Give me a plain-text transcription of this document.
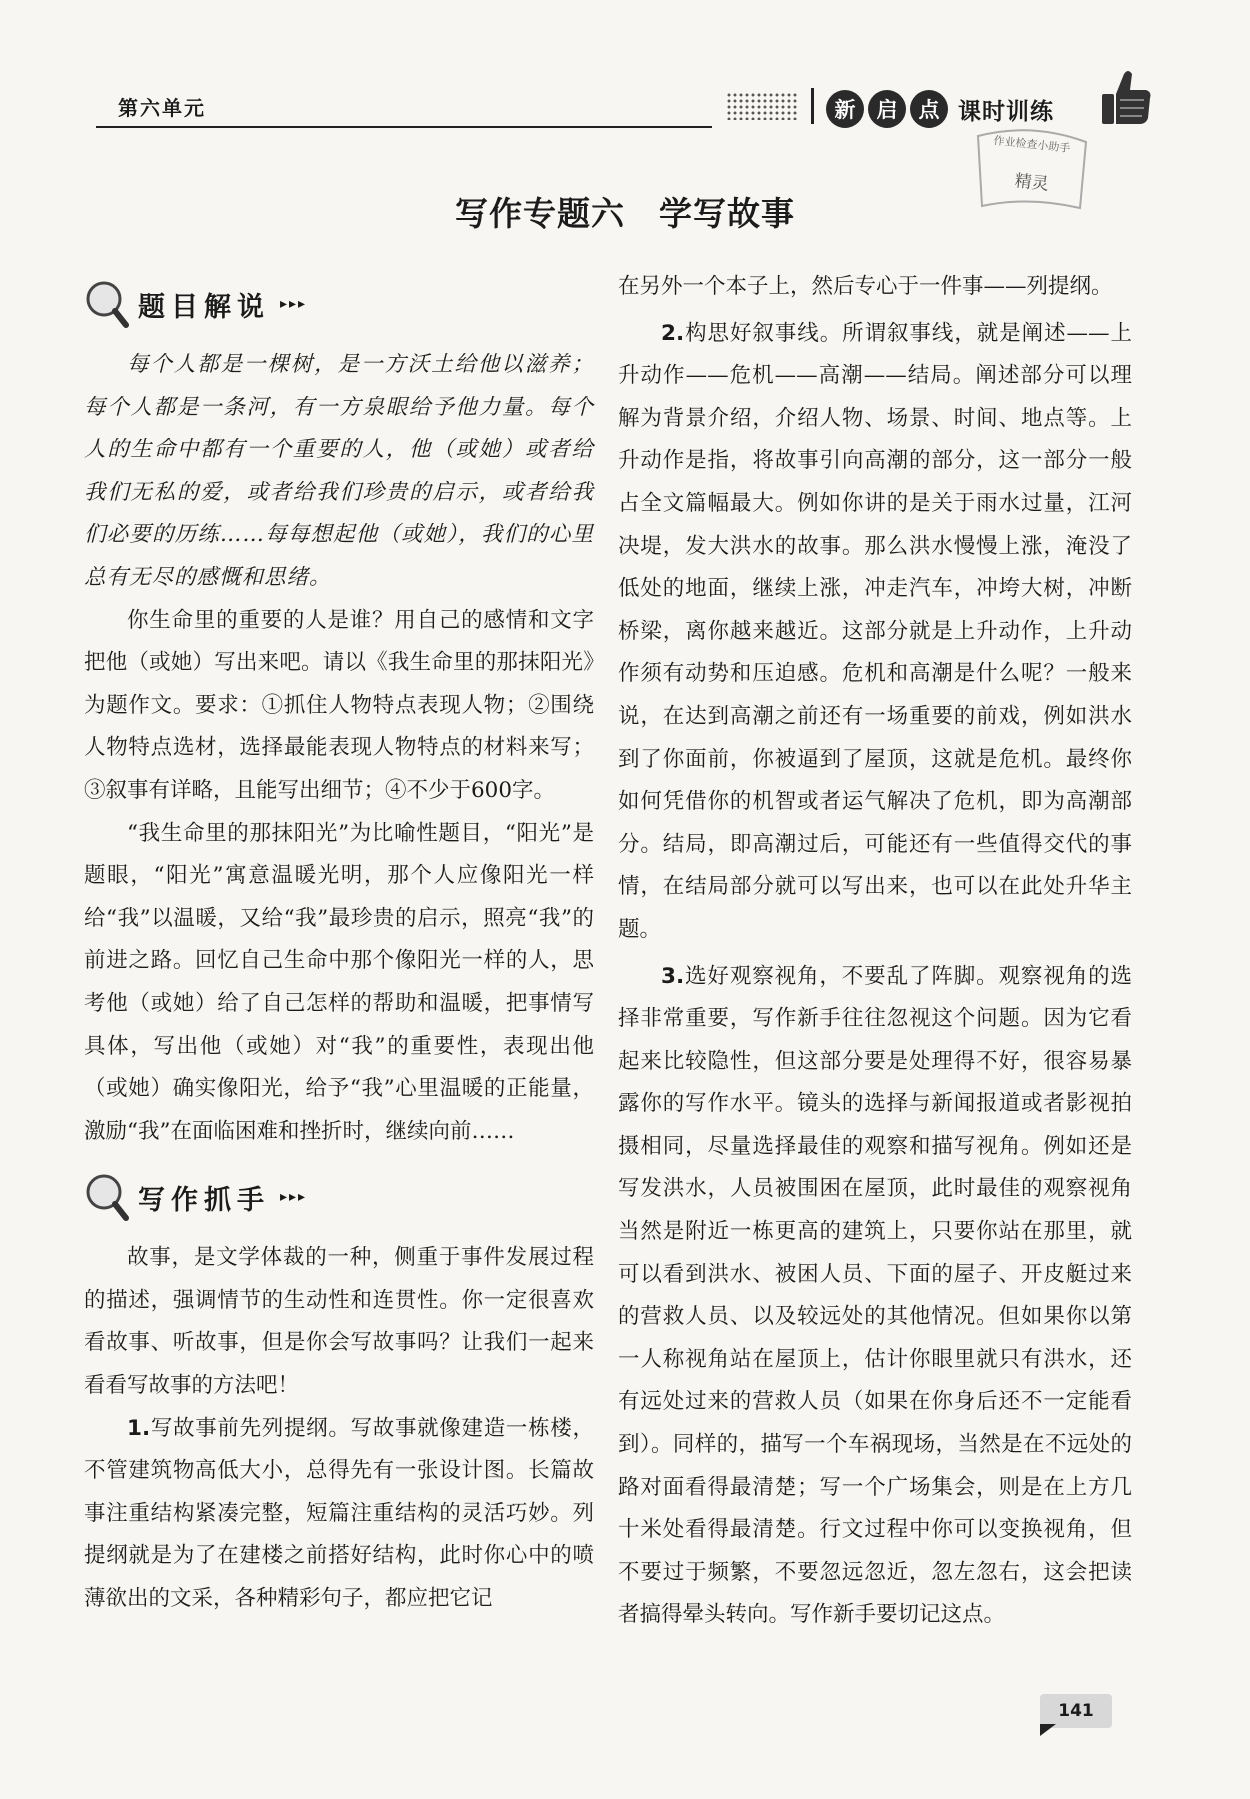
第六单元	新	启	点 课时训练
作业检查小助手
精灵
写作专题六　学写故事
题目解说 ▸▸▸

每个人都是一棵树，是一方沃土给他以滋养；每个人都是一条河，有一方泉眼给予他力量。每个人的生命中都有一个重要的人，他（或她）或者给我们无私的爱，或者给我们珍贵的启示，或者给我们必要的历练……每每想起他（或她），我们的心里总有无尽的感慨和思绪。

你生命里的重要的人是谁？用自己的感情和文字把他（或她）写出来吧。请以《我生命里的那抹阳光》为题作文。要求：①抓住人物特点表现人物；②围绕人物特点选材，选择最能表现人物特点的材料来写；③叙事有详略，且能写出细节；④不少于600字。

“我生命里的那抹阳光”为比喻性题目，“阳光”是题眼，“阳光”寓意温暖光明，那个人应像阳光一样给“我”以温暖，又给“我”最珍贵的启示，照亮“我”的前进之路。回忆自己生命中那个像阳光一样的人，思考他（或她）给了自己怎样的帮助和温暖，把事情写具体，写出他（或她）对“我”的重要性，表现出他（或她）确实像阳光，给予“我”心里温暖的正能量，激励“我”在面临困难和挫折时，继续向前……

写作抓手 ▸▸▸

故事，是文学体裁的一种，侧重于事件发展过程的描述，强调情节的生动性和连贯性。你一定很喜欢看故事、听故事，但是你会写故事吗？让我们一起来看看写故事的方法吧！

1.写故事前先列提纲。写故事就像建造一栋楼，不管建筑物高低大小，总得先有一张设计图。长篇故事注重结构紧凑完整，短篇注重结构的灵活巧妙。列提纲就是为了在建楼之前搭好结构，此时你心中的喷薄欲出的文采，各种精彩句子，都应把它记

在另外一个本子上，然后专心于一件事——列提纲。

2.构思好叙事线。所谓叙事线，就是阐述——上升动作——危机——高潮——结局。阐述部分可以理解为背景介绍，介绍人物、场景、时间、地点等。上升动作是指，将故事引向高潮的部分，这一部分一般占全文篇幅最大。例如你讲的是关于雨水过量，江河决堤，发大洪水的故事。那么洪水慢慢上涨，淹没了低处的地面，继续上涨，冲走汽车，冲垮大树，冲断桥梁，离你越来越近。这部分就是上升动作，上升动作须有动势和压迫感。危机和高潮是什么呢？一般来说，在达到高潮之前还有一场重要的前戏，例如洪水到了你面前，你被逼到了屋顶，这就是危机。最终你如何凭借你的机智或者运气解决了危机，即为高潮部分。结局，即高潮过后，可能还有一些值得交代的事情，在结局部分就可以写出来，也可以在此处升华主题。

3.选好观察视角，不要乱了阵脚。观察视角的选择非常重要，写作新手往往忽视这个问题。因为它看起来比较隐性，但这部分要是处理得不好，很容易暴露你的写作水平。镜头的选择与新闻报道或者影视拍摄相同，尽量选择最佳的观察和描写视角。例如还是写发洪水，人员被围困在屋顶，此时最佳的观察视角当然是附近一栋更高的建筑上，只要你站在那里，就可以看到洪水、被困人员、下面的屋子、开皮艇过来的营救人员、以及较远处的其他情况。但如果你以第一人称视角站在屋顶上，估计你眼里就只有洪水，还有远处过来的营救人员（如果在你身后还不一定能看到）。同样的，描写一个车祸现场，当然是在不远处的路对面看得最清楚；写一个广场集会，则是在上方几十米处看得最清楚。行文过程中你可以变换视角，但不要过于频繁，不要忽远忽近，忽左忽右，这会把读者搞得晕头转向。写作新手要切记这点。

141
